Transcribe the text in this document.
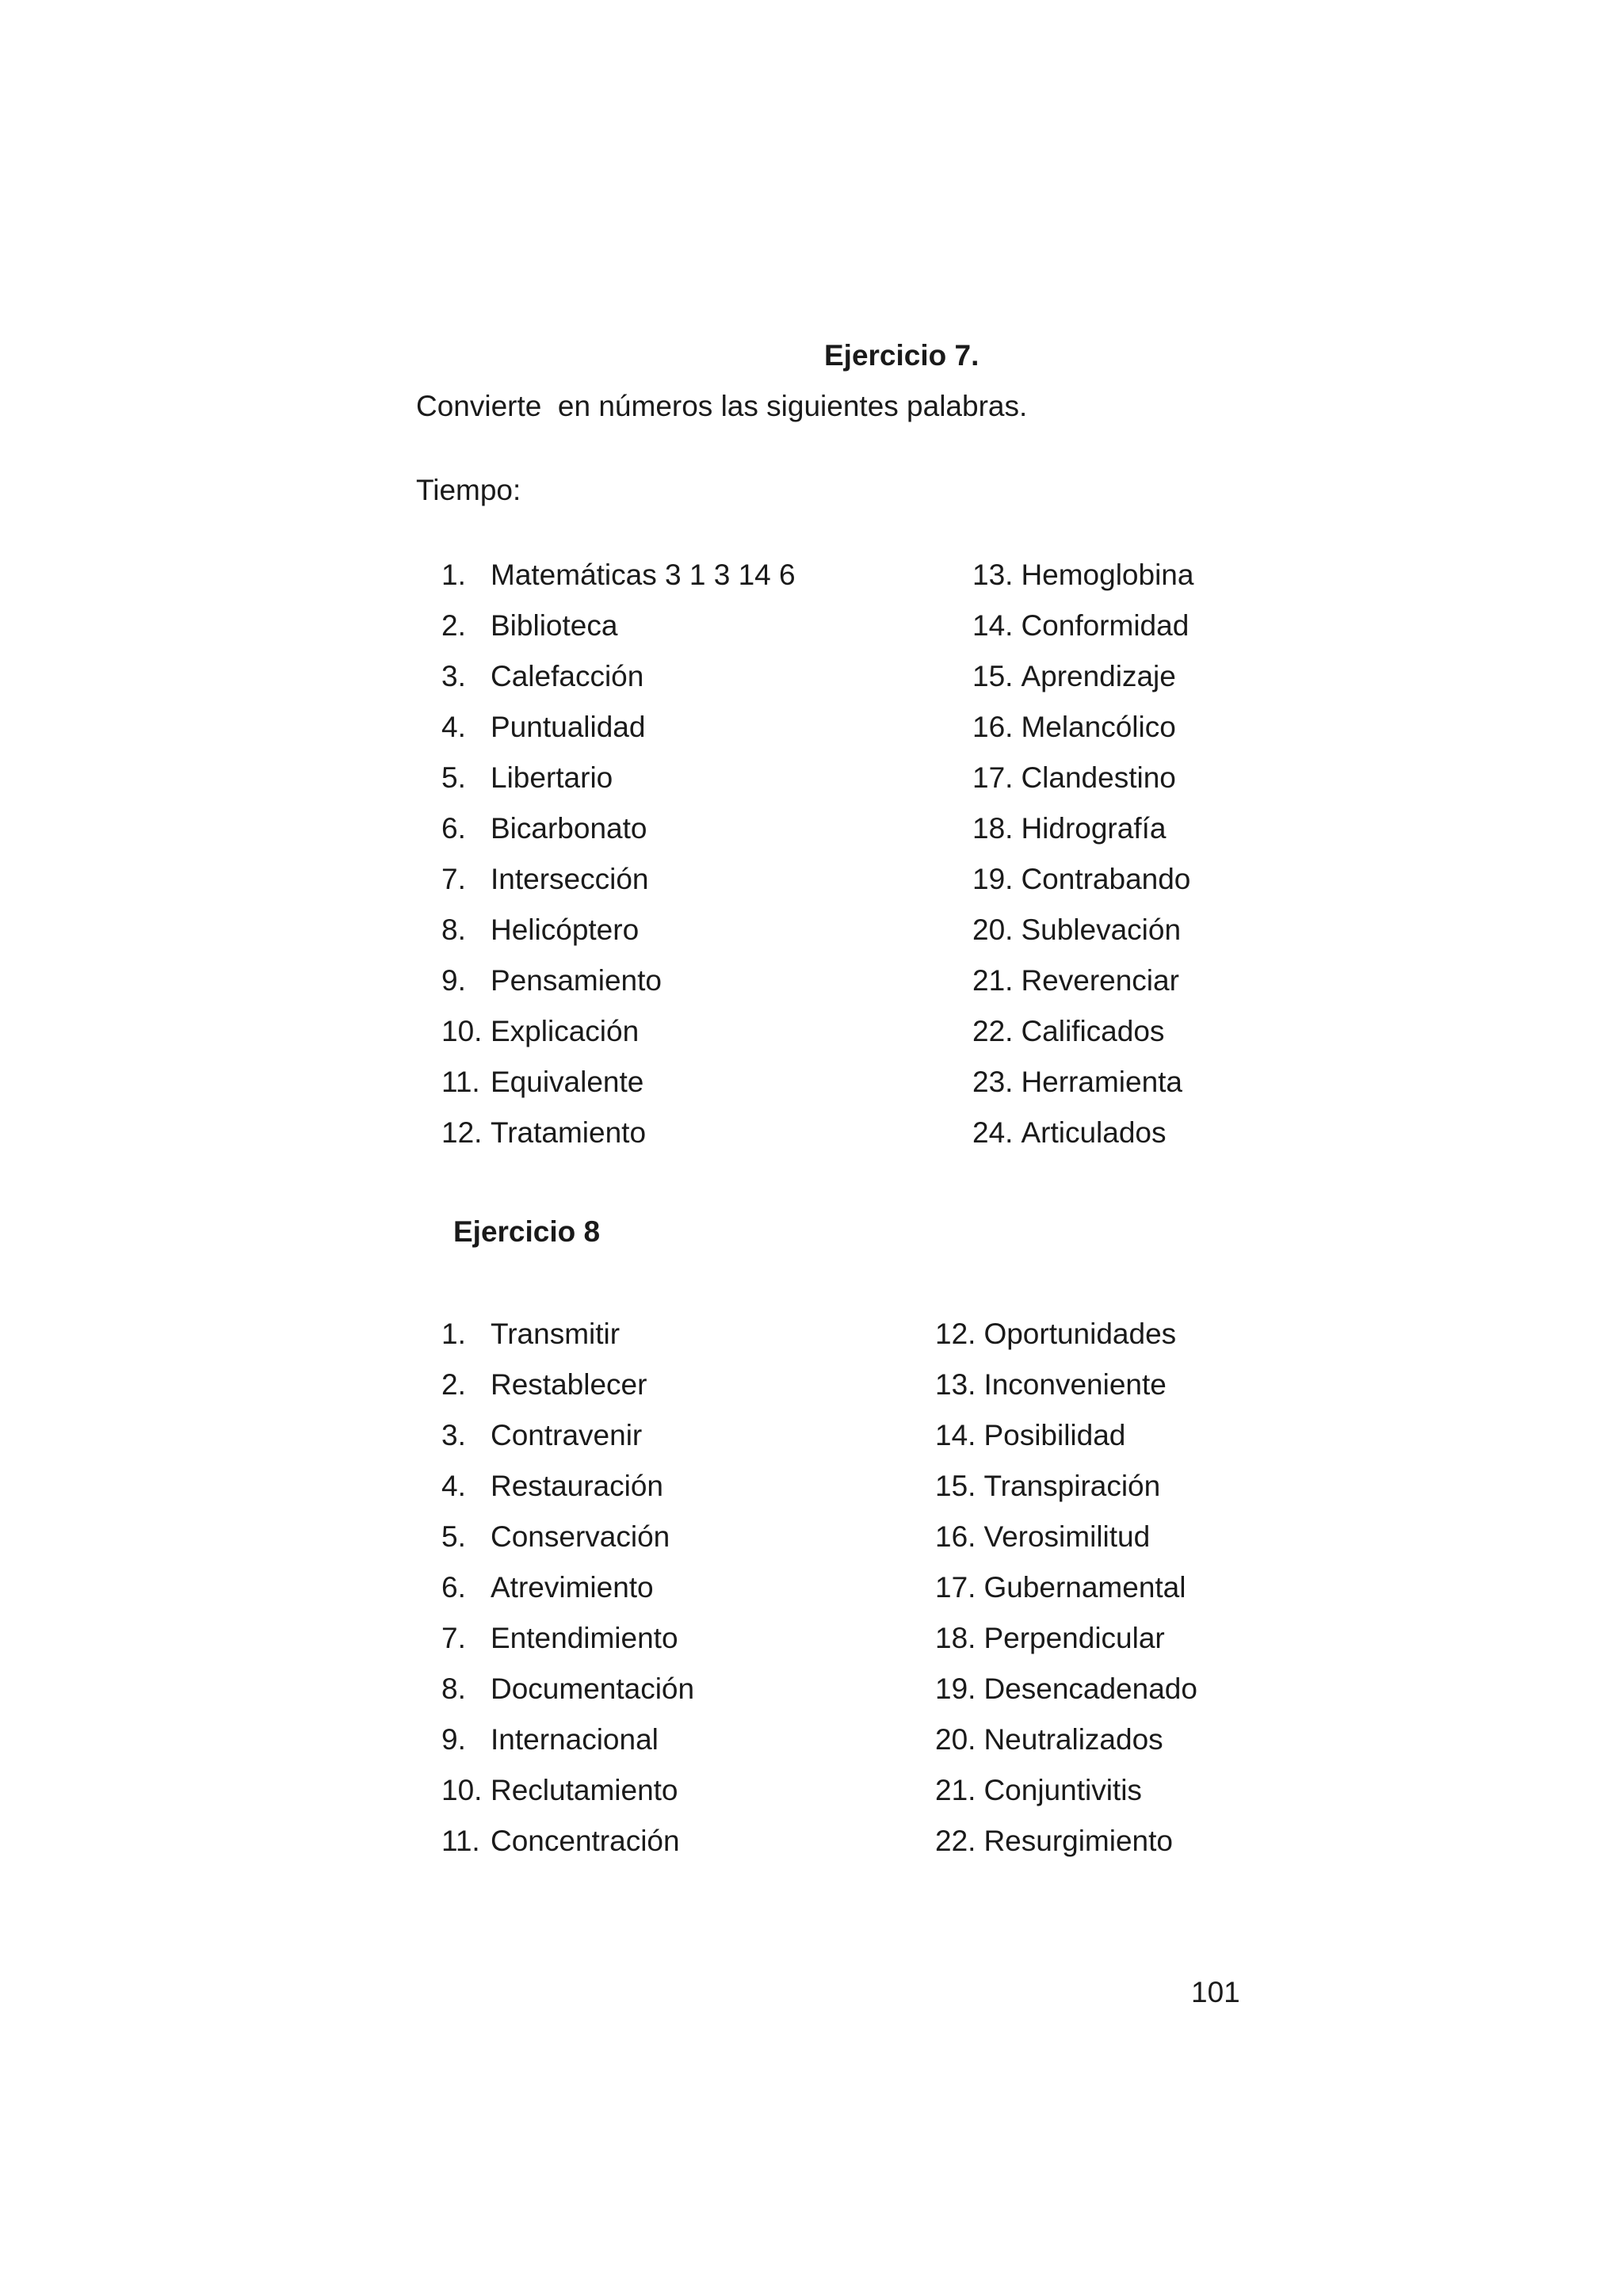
Ejercicio 7.
Convierte  en números las siguientes palabras.
Tiempo:
1. Matemáticas 3 1 3 14 6
2. Biblioteca
3. Calefacción
4. Puntualidad
5. Libertario
6. Bicarbonato
7. Intersección
8. Helicóptero
9. Pensamiento
10. Explicación
11. Equivalente
12. Tratamiento
13. Hemoglobina
14. Conformidad
15. Aprendizaje
16. Melancólico
17. Clandestino
18. Hidrografía
19. Contrabando
20. Sublevación
21. Reverenciar
22. Calificados
23. Herramienta
24. Articulados
Ejercicio 8
1. Transmitir
2. Restablecer
3. Contravenir
4. Restauración
5. Conservación
6. Atrevimiento
7. Entendimiento
8. Documentación
9. Internacional
10. Reclutamiento
11. Concentración
12. Oportunidades
13. Inconveniente
14. Posibilidad
15. Transpiración
16. Verosimilitud
17. Gubernamental
18. Perpendicular
19. Desencadenado
20. Neutralizados
21. Conjuntivitis
22. Resurgimiento
101
